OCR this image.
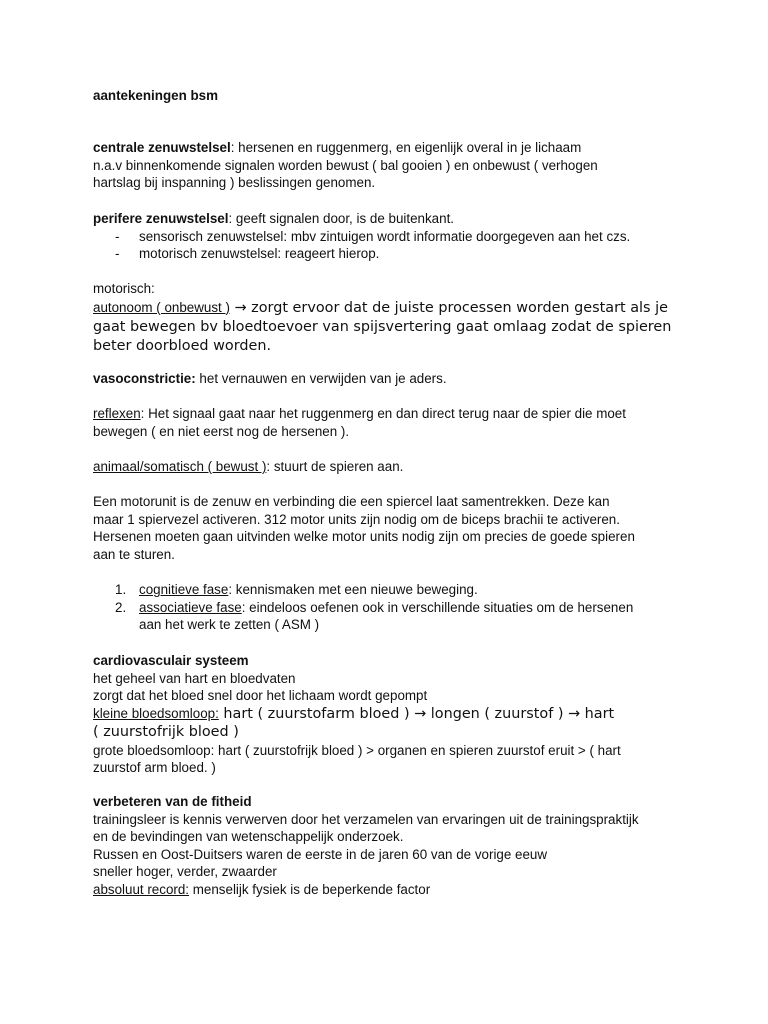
aantekeningen bsm

centrale zenuwstelsel: hersenen en ruggenmerg, en eigenlijk overal in je lichaam

n.a.v binnenkomende signalen worden bewust ( bal gooien ) en onbewust ( verhogen

hartslag bij inspanning ) beslissingen genomen.

perifere zenuwstelsel: geeft signalen door, is de buitenkant.

- sensorisch zenuwstelsel: mbv zintuigen wordt informatie doorgegeven aan het czs.

- motorisch zenuwstelsel: reageert hierop.

motorisch:

autonoom ( onbewust ) → zorgt ervoor dat de juiste processen worden gestart als je

gaat bewegen bv bloedtoevoer van spijsvertering gaat omlaag zodat de spieren

beter doorbloed worden.

vasoconstrictie: het vernauwen en verwijden van je aders.

reflexen: Het signaal gaat naar het ruggenmerg en dan direct terug naar de spier die moet

bewegen ( en niet eerst nog de hersenen ).

animaal/somatisch ( bewust ): stuurt de spieren aan.

Een motorunit is de zenuw en verbinding die een spiercel laat samentrekken. Deze kan

maar 1 spiervezel activeren. 312 motor units zijn nodig om de biceps brachii te activeren.

Hersenen moeten gaan uitvinden welke motor units nodig zijn om precies de goede spieren

aan te sturen.

1. cognitieve fase: kennismaken met een nieuwe beweging.

2. associatieve fase: eindeloos oefenen ook in verschillende situaties om de hersenen

aan het werk te zetten ( ASM )

cardiovasculair systeem

het geheel van hart en bloedvaten

zorgt dat het bloed snel door het lichaam wordt gepompt

kleine bloedsomloop: hart ( zuurstofarm bloed ) → longen ( zuurstof ) → hart

( zuurstofrijk bloed )

grote bloedsomloop: hart ( zuurstofrijk bloed ) > organen en spieren zuurstof eruit > ( hart

zuurstof arm bloed. )

verbeteren van de fitheid

trainingsleer is kennis verwerven door het verzamelen van ervaringen uit de trainingspraktijk

en de bevindingen van wetenschappelijk onderzoek.

Russen en Oost-Duitsers waren de eerste in de jaren 60 van de vorige eeuw

sneller hoger, verder, zwaarder

absoluut record: menselijk fysiek is de beperkende factor
